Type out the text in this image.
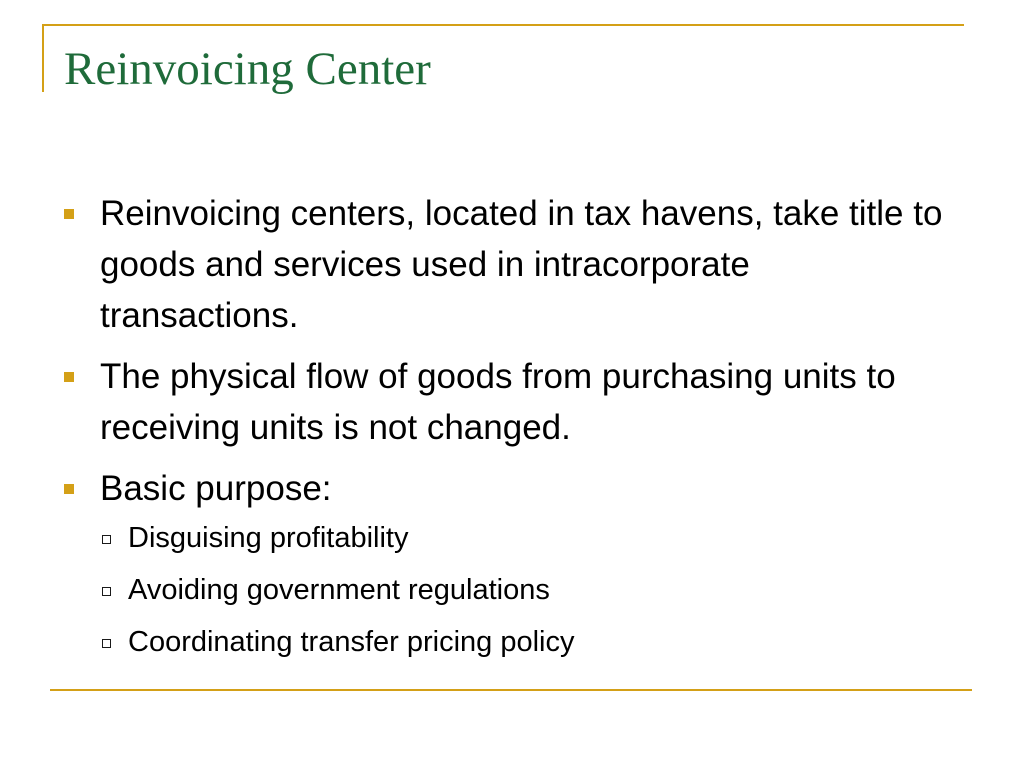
Reinvoicing Center
Reinvoicing centers, located in tax havens, take title to goods and services used in intracorporate transactions.
The physical flow of goods from purchasing units to receiving units is not changed.
Basic purpose:
Disguising profitability
Avoiding government regulations
Coordinating transfer pricing policy
